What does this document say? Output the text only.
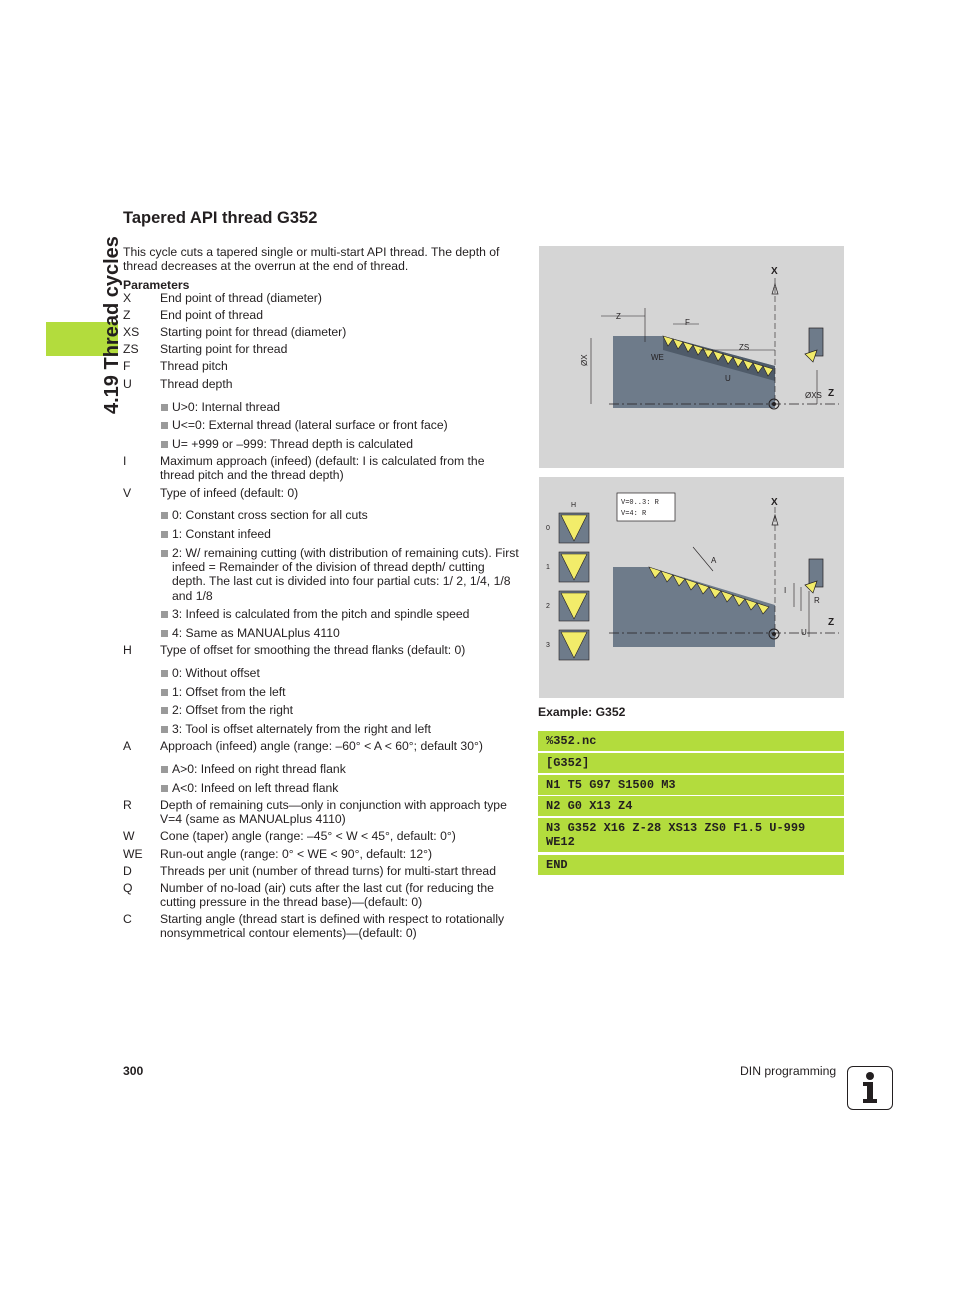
4.19 Thread cycles
Tapered API thread G352

This cycle cuts a tapered single or multi-start API thread. The depth of thread decreases at the overrun at the end of thread.

Parameters
X	End point of thread (diameter)
Z	End point of thread
XS	Starting point for thread (diameter)
ZS	Starting point for thread
F	Thread pitch
U	Thread depth
U>0: Internal thread
U<=0: External thread (lateral surface or front face)
U= +999 or –999: Thread depth is calculated
I	Maximum approach (infeed) (default: I is calculated from the thread pitch and the thread depth)
V	Type of infeed (default: 0)
0: Constant cross section for all cuts
1: Constant infeed
2: W/ remaining cutting (with distribution of remaining cuts). First infeed = Remainder of the division of thread depth/ cutting depth. The last cut is divided into four partial cuts: 1/ 2, 1/4, 1/8 and 1/8
3: Infeed is calculated from the pitch and spindle speed
4: Same as MANUALplus 4110
H	Type of offset for smoothing the thread flanks (default: 0)
0: Without offset
1: Offset from the left
2: Offset from the right
3: Tool is offset alternately from the right and left
A	Approach (infeed) angle (range: –60° < A < 60°; default 30°)
A>0: Infeed on right thread flank
A<0: Infeed on left thread flank
R	Depth of remaining cuts—only in conjunction with approach type V=4 (same as MANUALplus 4110)
W	Cone (taper) angle (range: –45° < W < 45°, default: 0°)
WE	Run-out angle (range: 0° < WE < 90°, default: 12°)
D	Threads per unit (number of thread turns) for multi-start thread
Q	Number of no-load (air) cuts after the last cut (for reducing the cutting pressure in the thread base)—(default: 0)
C	Starting angle (thread start is defined with respect to rotationally nonsymmetrical contour elements)—(default: 0)
X
Z
Z
F
ZS
WE
U
ØX
ØXS
V=0..3: R
V=4: R
H
0
1
2
3
X
Z
A
I
R
U
Example: G352
%352.nc
[G352]
N1 T5 G97 S1500 M3
N2 G0 X13 Z4
N3 G352 X16 Z-28 XS13 ZS0 F1.5 U-999 WE12
END
300	DIN programming
